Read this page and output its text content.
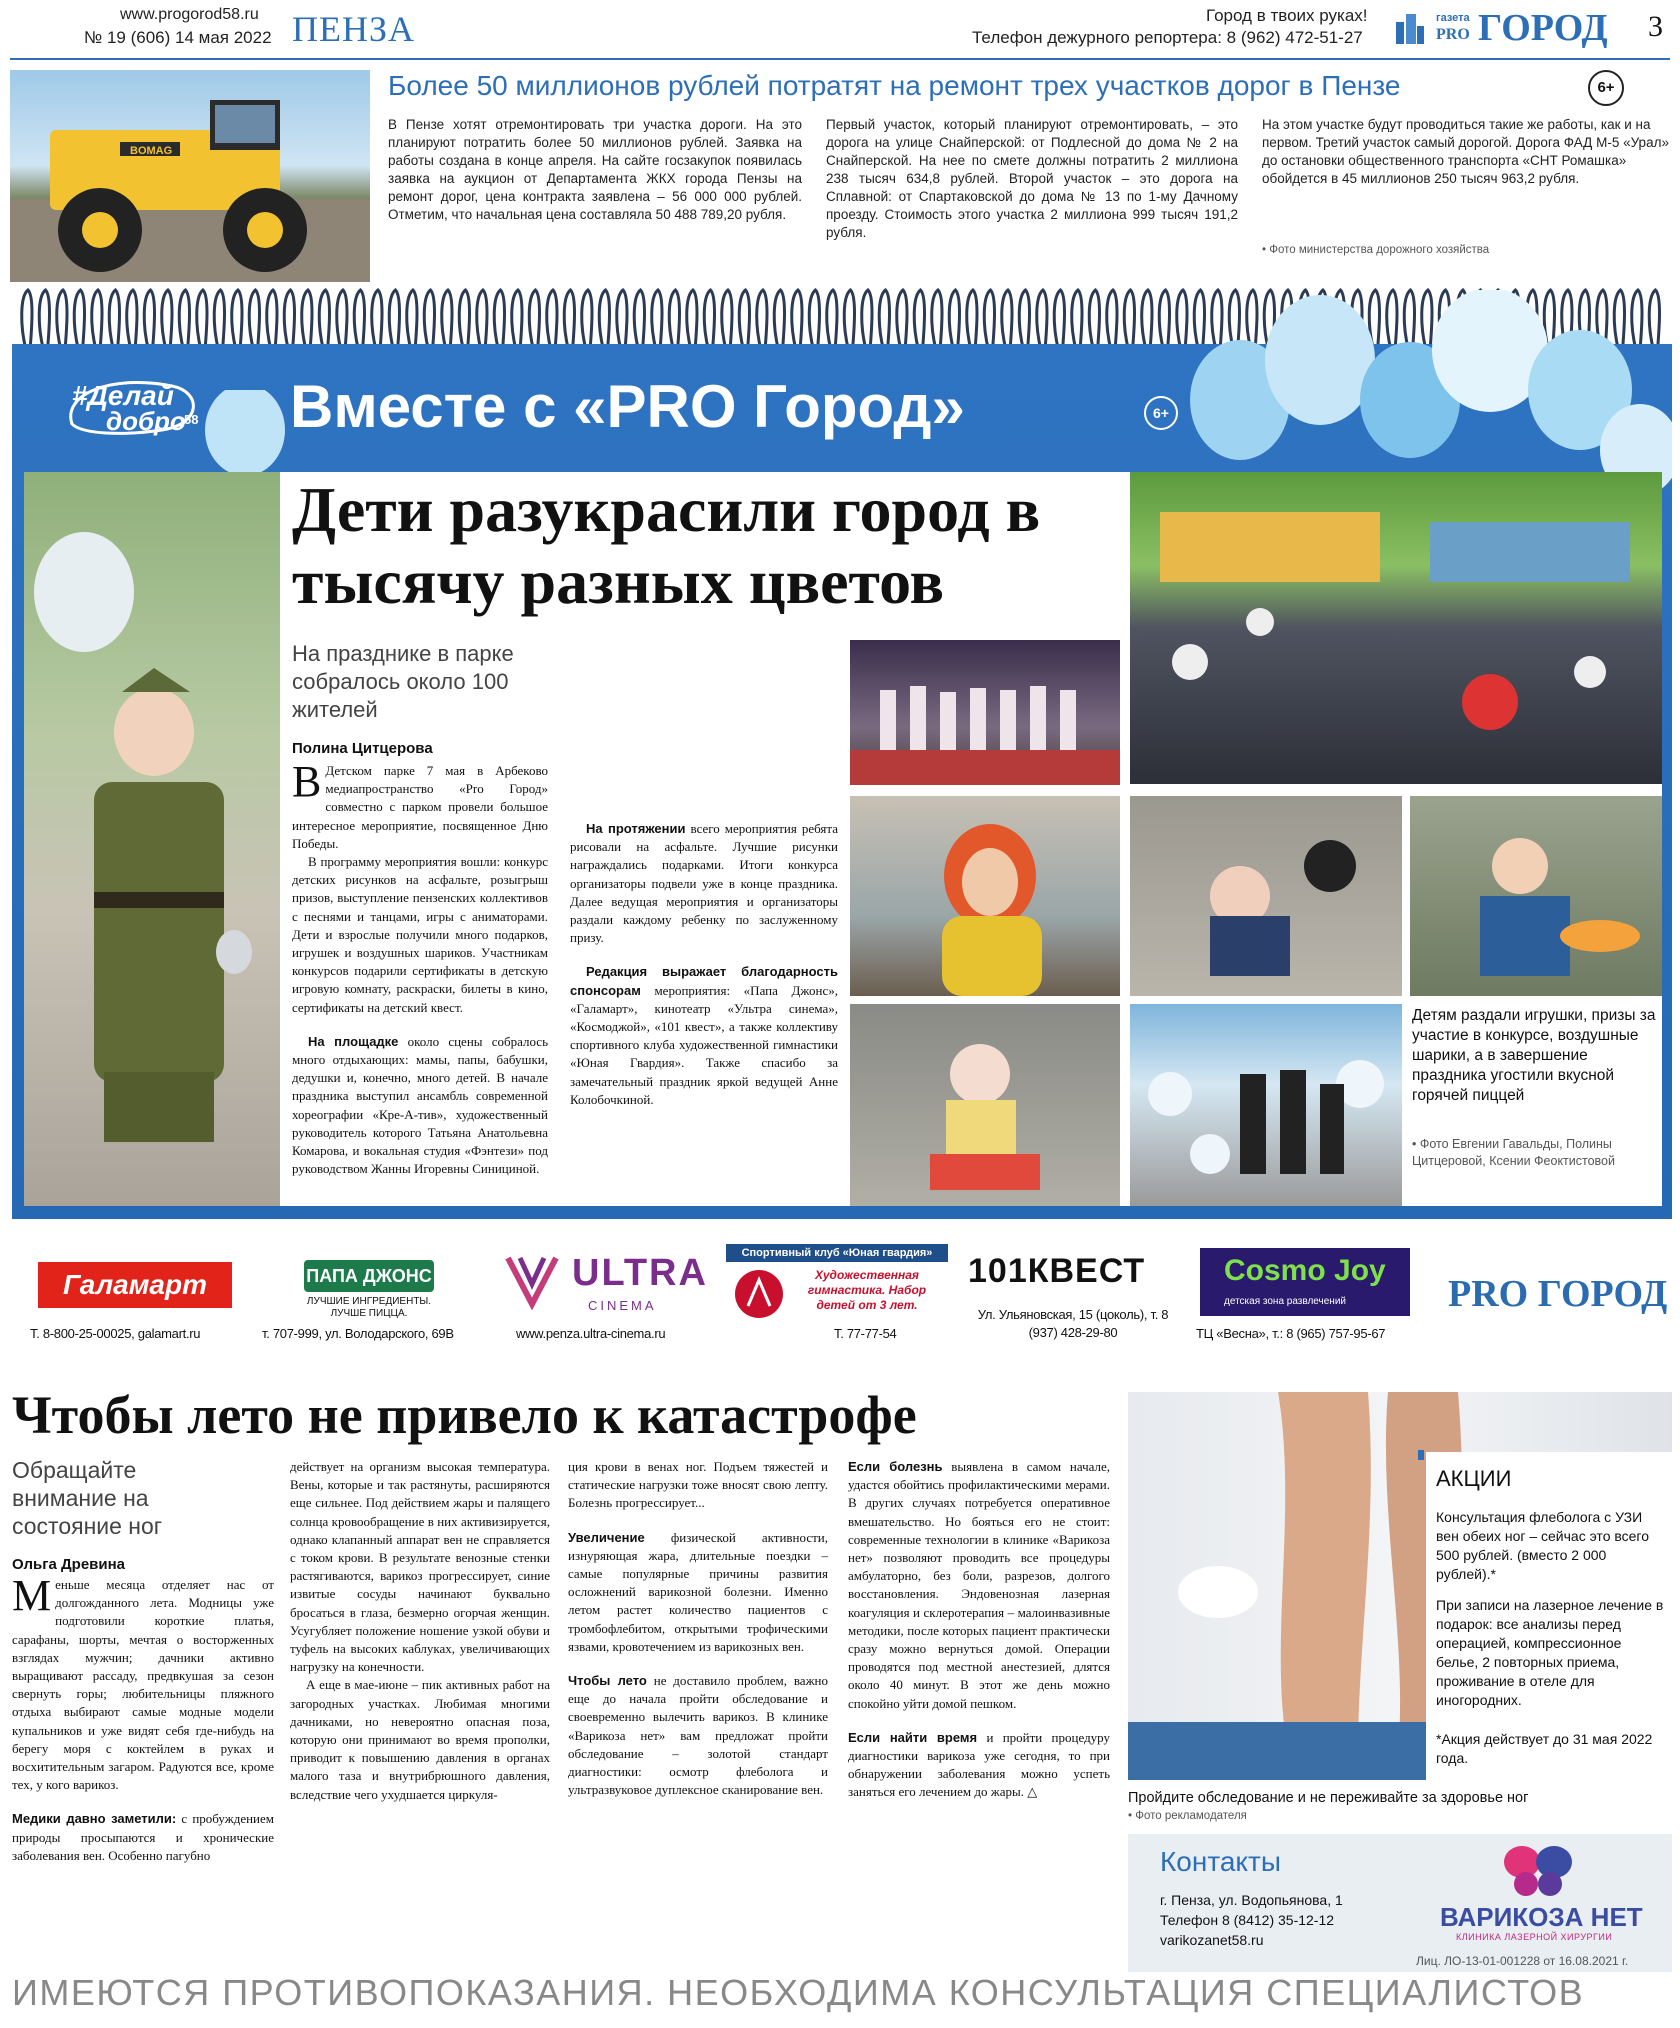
www.progorod58.ru
№ 19 (606) 14 мая 2022 ПЕНЗА	Город в твоих руках!
Телефон дежурного репортера: 8 (962) 472-51-27
газета
PRO ГОРОД 3
BOMAG
Более 50 миллионов рублей потратят на ремонт трех участков дорог в Пензе	6+
В Пензе хотят отремонтировать три участка дороги. На это планируют потратить более 50 миллионов рублей. Заявка на работы создана в конце апреля. На сайте госзакупок появилась заявка на аукцион от Департамента ЖКХ города Пензы на ремонт дорог, цена контракта заявлена – 56 000 000 рублей. Отметим, что начальная цена составляла 50 488 789,20 рубля.
Первый участок, который планируют отремонтировать, – это дорога на улице Снайперской: от Подлесной до дома № 2 на Снайперской. На нее по смете должны потратить 2 миллиона 238 тысяч 634,8 рублей. Второй участок – это дорога на Сплавной: от Спартаковской до дома № 13 по 1-му Дачному проезду. Стоимость этого участка 2 миллиона 999 тысяч 191,2 рубля.
На этом участке будут проводиться такие же работы, как и на первом. Третий участок самый дорогой. Дорога ФАД М-5 «Урал» до остановки общественного транспорта «СНТ Ромашка» обойдется в 45 миллионов 250 тысяч 963,2 рубля.
• Фото министерства дорожного хозяйства
#Делай
добро
58 Вместе с «PRO Город»	6+
Дети разукрасили город в тысячу разных цветов
На празднике в парке собралось около 100 жителей
Полина Цитцерова

В Детском парке 7 мая в Арбеково медиапространство «Pro Город» совместно с парком провели большое интересное мероприятие, посвященное Дню Победы.

В программу мероприятия вошли: конкурс детских рисунков на асфальте, розыгрыш призов, выступление пензенских коллективов с песнями и танцами, игры с аниматорами. Дети и взрослые получили много подарков, игрушек и воздушных шариков. Участникам конкурсов подарили сертификаты в детскую игровую комнату, раскраски, билеты в кино, сертификаты на детский квест.

На площадке около сцены собралось много отдыхающих: мамы, папы, бабушки, дедушки и, конечно, много детей. В начале праздника выступил ансамбль современной хореографии «Кре-А-тив», художественный руководитель которого Татьяна Анатольевна Комарова, и вокальная студия «Фэнтези» под руководством Жанны Игоревны Синициной.

На протяжении всего мероприятия ребята рисовали на асфальте. Лучшие рисунки награждались подарками. Итоги конкурса организаторы подвели уже в конце праздника. Далее ведущая мероприятия и организаторы раздали каждому ребенку по заслуженному призу.

Редакция выражает благодарность спонсорам мероприятия: «Папа Джонс», «Галамарт», кинотеатр «Ультра синема», «Космоджой», «101 квест», а также коллективу спортивного клуба художественной гимнастики «Юная Гвардия». Также спасибо за замечательный праздник яркой ведущей Анне Колобочкиной.

Детям раздали игрушки, призы за участие в конкурсе, воздушные шарики, а в завершение праздника угостили вкусной горячей пиццей
• Фото Евгении Гавальды, Полины Цитцеровой, Ксении Феоктистовой
▼ Спонсоры проекта:
Галамарт
Т. 8-800-25-00025, galamart.ru
ПАПА ДЖОНС
ЛУЧШИЕ ИНГРЕДИЕНТЫ. ЛУЧШЕ ПИЦЦА.
т. 707-999, ул. Володарского, 69В
ULTRA
CINEMA
www.penza.ultra-cinema.ru
Спортивный клуб «Юная гвардия»
Художественная гимнастика. Набор детей от 3 лет.
Т. 77-77-54
101КВЕСТ
Ул. Ульяновская, 15 (цоколь), т. 8 (937) 428-29-80
Cosmo Joy
детская зона развлечений
ТЦ «Весна», т.: 8 (965) 757-95-67
PRO ГОРОД
Чтобы лето не привело к катастрофе
Обращайте внимание на состояние ног
Ольга Древина

Меньше месяца отделяет нас от долгожданного лета. Модницы уже подготовили короткие платья, сарафаны, шорты, мечтая о восторженных взглядах мужчин; дачники активно выращивают рассаду, предвкушая за сезон свернуть горы; любительницы пляжного отдыха выбирают самые модные модели купальников и уже видят себя где-нибудь на берегу моря с коктейлем в руках и восхитительным загаром. Радуются все, кроме тех, у кого варикоз.

Медики давно заметили: с пробуждением природы просыпаются и хронические заболевания вен. Особенно пагубно

действует на организм высокая температура. Вены, которые и так растянуты, расширяются еще сильнее. Под действием жары и палящего солнца кровообращение в них активизируется, однако клапанный аппарат вен не справляется с током крови. В результате венозные стенки растягиваются, варикоз прогрессирует, синие извитые сосуды начинают буквально бросаться в глаза, безмерно огорчая женщин. Усугубляет положение ношение узкой обуви и туфель на высоких каблуках, увеличивающих нагрузку на конечности.

А еще в мае-июне – пик активных работ на загородных участках. Любимая многими дачниками, но невероятно опасная поза, которую они принимают во время прополки, приводит к повышению давления в органах малого таза и внутрибрюшного давления, вследствие чего ухудшается циркуля-

ция крови в венах ног. Подъем тяжестей и статические нагрузки тоже вносят свою лепту. Болезнь прогрессирует...

Увеличение физической активности, изнуряющая жара, длительные поездки – самые популярные причины развития осложнений варикозной болезни. Именно летом растет количество пациентов с тромбофлебитом, открытыми трофическими язвами, кровотечением из варикозных вен.

Чтобы лето не доставило проблем, важно еще до начала пройти обследование и своевременно вылечить варикоз. В клинике «Варикоза нет» вам предложат пройти обследование – золотой стандарт диагностики: осмотр флеболога и ультразвуковое дуплексное сканирование вен.

Если болезнь выявлена в самом начале, удастся обойтись профилактическими мерами. В других случаях потребуется оперативное вмешательство. Но бояться его не стоит: современные технологии в клинике «Варикоза нет» позволяют проводить все процедуры амбулаторно, без боли, разрезов, долгого восстановления. Эндовенозная лазерная коагуляция и склеротерапия – малоинвазивные методики, после которых пациент практически сразу можно вернуться домой. Операции проводятся под местной анестезией, длятся около 40 минут. В этот же день можно спокойно уйти домой пешком.

Если найти время и пройти процедуру диагностики варикоза уже сегодня, то при обнаружении заболевания можно успеть заняться его лечением до жары. △

АКЦИИ
Консультация флеболога с УЗИ вен обеих ног – сейчас это всего 500 рублей. (вместо 2 000 рублей).*
При записи на лазерное лечение в подарок: все анализы перед операцией, компрессионное белье, 2 повторных приема, проживание в отеле для иногородних.
*Акция действует до 31 мая 2022 года.
Пройдите обследование и не переживайте за здоровье ног
• Фото рекламодателя
Контакты
г. Пенза, ул. Водопьянова, 1
Телефон 8 (8412) 35-12-12
varikozanet58.ru
ВАРИКОЗА НЕТ
КЛИНИКА ЛАЗЕРНОЙ ХИРУРГИИ
Лиц. ЛО-13-01-001228 от 16.08.2021 г.
ИМЕЮТСЯ ПРОТИВОПОКАЗАНИЯ. НЕОБХОДИМА КОНСУЛЬТАЦИЯ СПЕЦИАЛИСТОВ
